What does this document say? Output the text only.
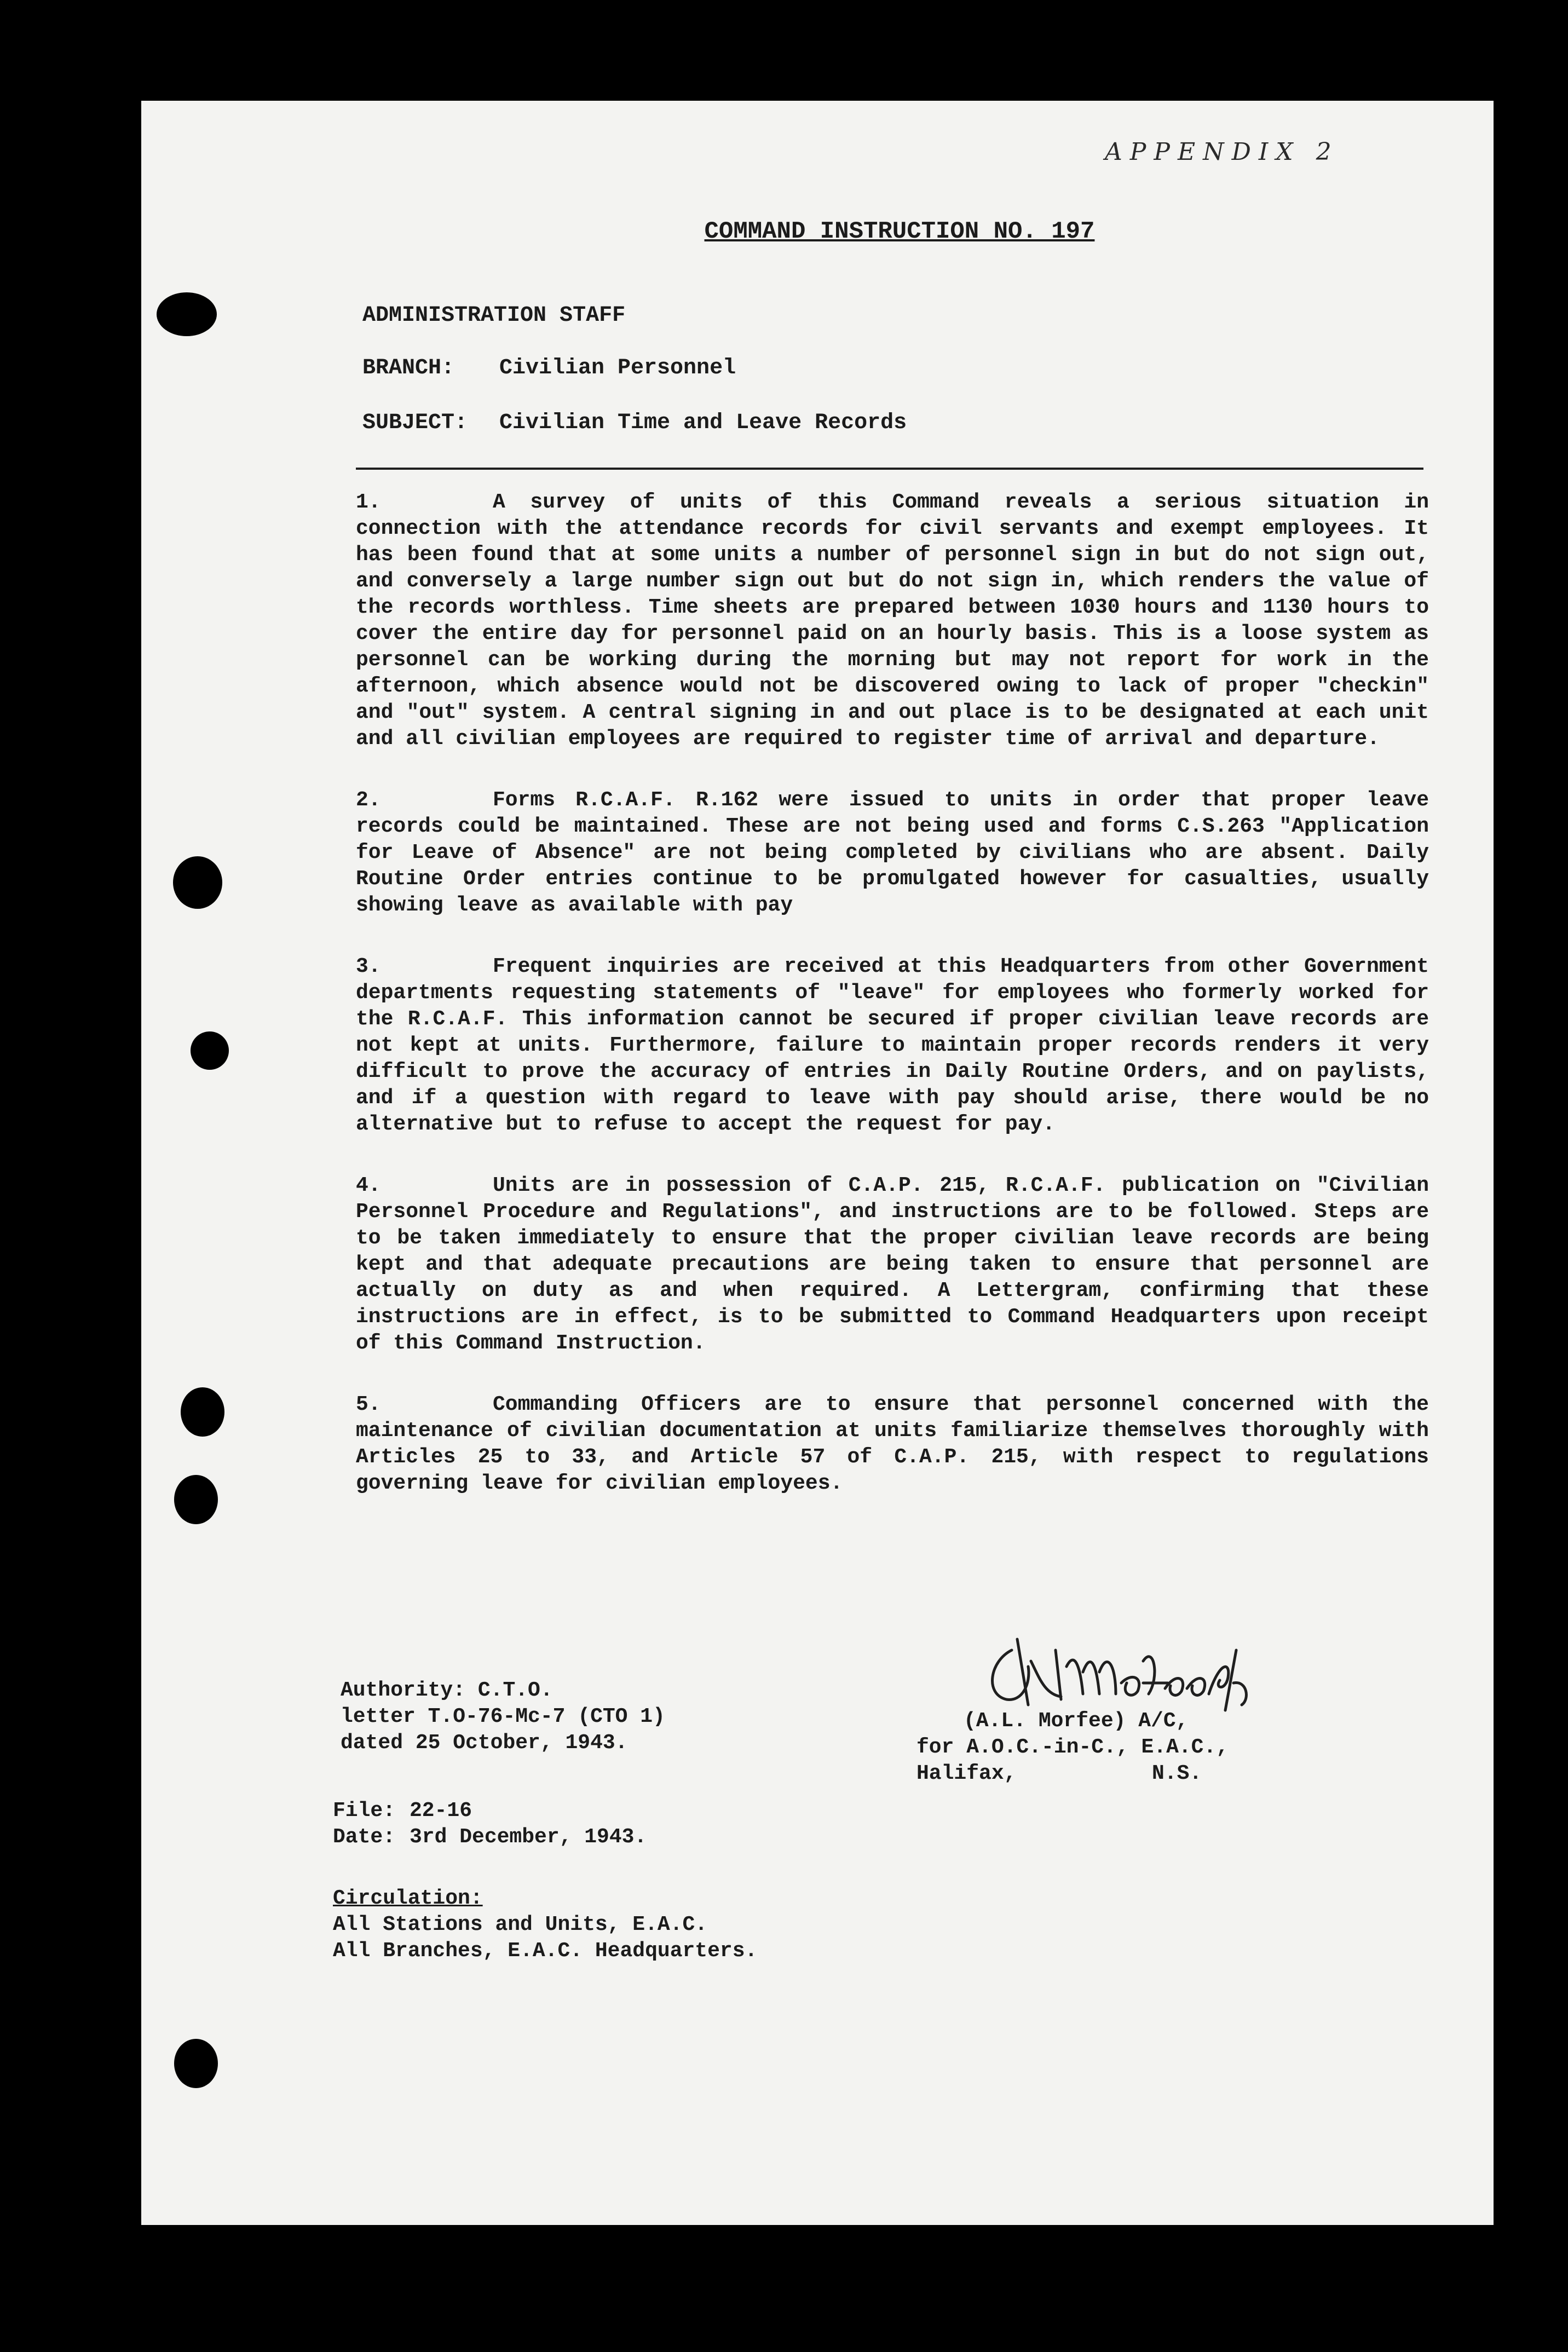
APPENDIX 2
COMMAND INSTRUCTION NO. 197
ADMINISTRATION STAFF
BRANCH: Civilian Personnel
SUBJECT: Civilian Time and Leave Records

1.	A survey of units of this Command reveals a serious situation in connection with the attendance records for civil servants and exempt employees. It has been found that at some units a number of personnel sign in but do not sign out, and conversely a large number sign out but do not sign in, which renders the value of the records worthless. Time sheets are prepared between 1030 hours and 1130 hours to cover the entire day for personnel paid on an hourly basis. This is a loose system as personnel can be working during the morning but may not report for work in the afternoon, which absence would not be discovered owing to lack of proper "checkin" and "out" system. A central signing in and out place is to be designated at each unit and all civilian employees are required to register time of arrival and departure.

2.	Forms R.C.A.F. R.162 were issued to units in order that proper leave records could be maintained. These are not being used and forms C.S.263 "Application for Leave of Absence" are not being completed by civilians who are absent. Daily Routine Order entries continue to be promulgated however for casualties, usually showing leave as available with pay

3.	Frequent inquiries are received at this Headquarters from other Government departments requesting statements of "leave" for employees who formerly worked for the R.C.A.F. This information cannot be secured if proper civilian leave records are not kept at units. Furthermore, failure to maintain proper records renders it very difficult to prove the accuracy of entries in Daily Routine Orders, and on paylists, and if a question with regard to leave with pay should arise, there would be no alternative but to refuse to accept the request for pay.

4.	Units are in possession of C.A.P. 215, R.C.A.F. publication on "Civilian Personnel Procedure and Regulations", and instructions are to be followed. Steps are to be taken immediately to ensure that the proper civilian leave records are being kept and that adequate precautions are being taken to ensure that personnel are actually on duty as and when required. A Lettergram, confirming that these instructions are in effect, is to be submitted to Command Headquarters upon receipt of this Command Instruction.

5.	Commanding Officers are to ensure that personnel concerned with the maintenance of civilian documentation at units familiarize themselves thoroughly with Articles 25 to 33, and Article 57 of C.A.P. 215, with respect to regulations governing leave for civilian employees.

Authority: C.T.O.
letter T.O-76-Mc-7 (CTO 1)
dated 25 October, 1943.
(A.L. Morfee) A/C,
for A.O.C.-in-C., E.A.C.,
Halifax,	N.S.
File: 22-16
Date: 3rd December, 1943.
Circulation:
All Stations and Units, E.A.C.
All Branches, E.A.C. Headquarters.
